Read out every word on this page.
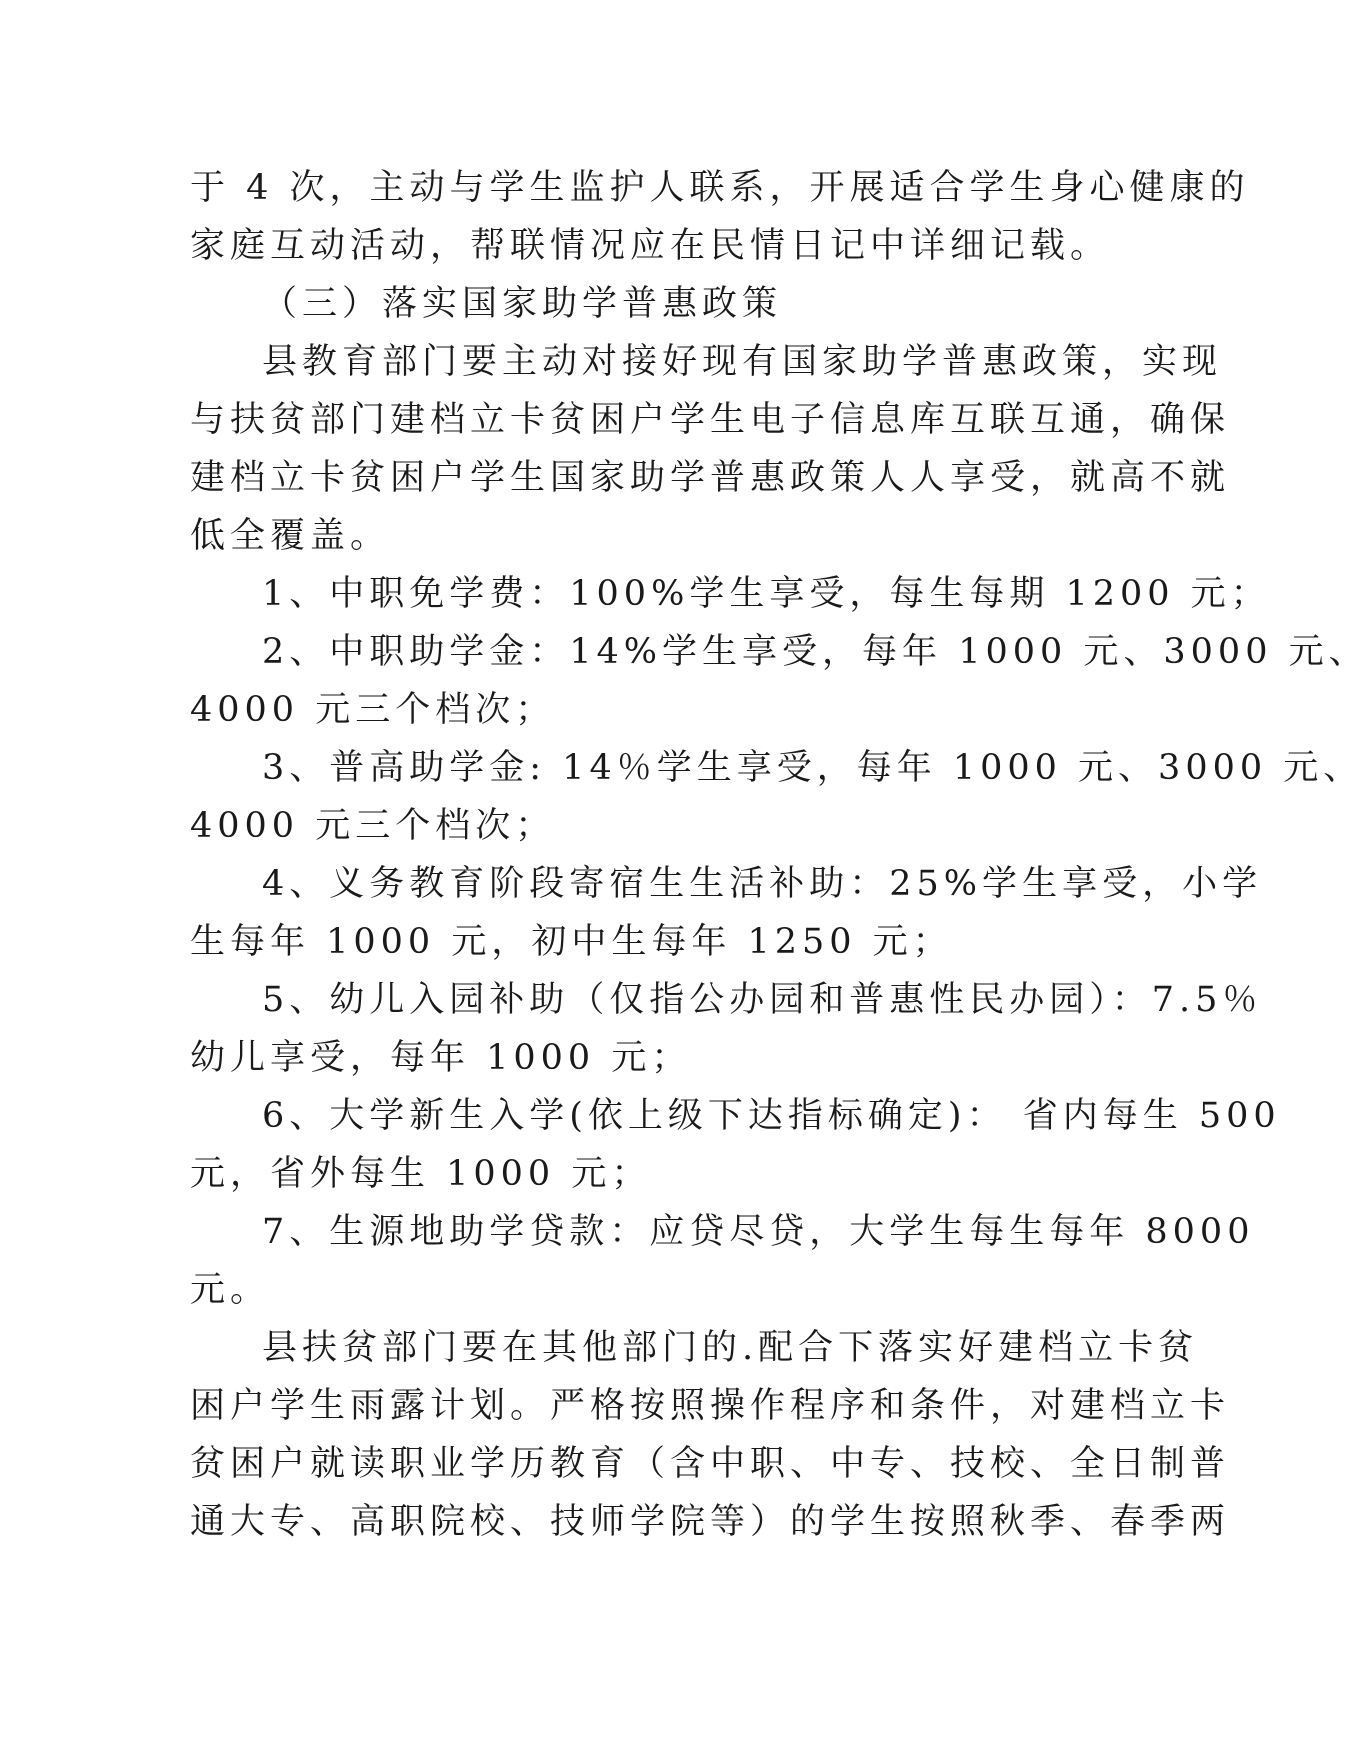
于 4 次，主动与学生监护人联系，开展适合学生身心健康的
家庭互动活动，帮联情况应在民情日记中详细记载。
（三）落实国家助学普惠政策
县教育部门要主动对接好现有国家助学普惠政策，实现
与扶贫部门建档立卡贫困户学生电子信息库互联互通，确保
建档立卡贫困户学生国家助学普惠政策人人享受，就高不就
低全覆盖。
1、中职免学费：100%学生享受，每生每期 1200 元；
2、中职助学金：14%学生享受，每年 1000 元、3000 元、
4000 元三个档次；
3、普高助学金: 14％学生享受，每年 1000 元、3000 元、
4000 元三个档次；
4、义务教育阶段寄宿生生活补助：25%学生享受，小学
生每年 1000 元，初中生每年 1250 元；
5、幼儿入园补助（仅指公办园和普惠性民办园）：7.5％
幼儿享受，每年 1000 元；
6、大学新生入学(依上级下达指标确定)： 省内每生 500
元，省外每生 1000 元；
7、生源地助学贷款：应贷尽贷，大学生每生每年 8000
元。
县扶贫部门要在其他部门的.配合下落实好建档立卡贫
困户学生雨露计划。严格按照操作程序和条件，对建档立卡
贫困户就读职业学历教育（含中职、中专、技校、全日制普
通大专、高职院校、技师学院等）的学生按照秋季、春季两
